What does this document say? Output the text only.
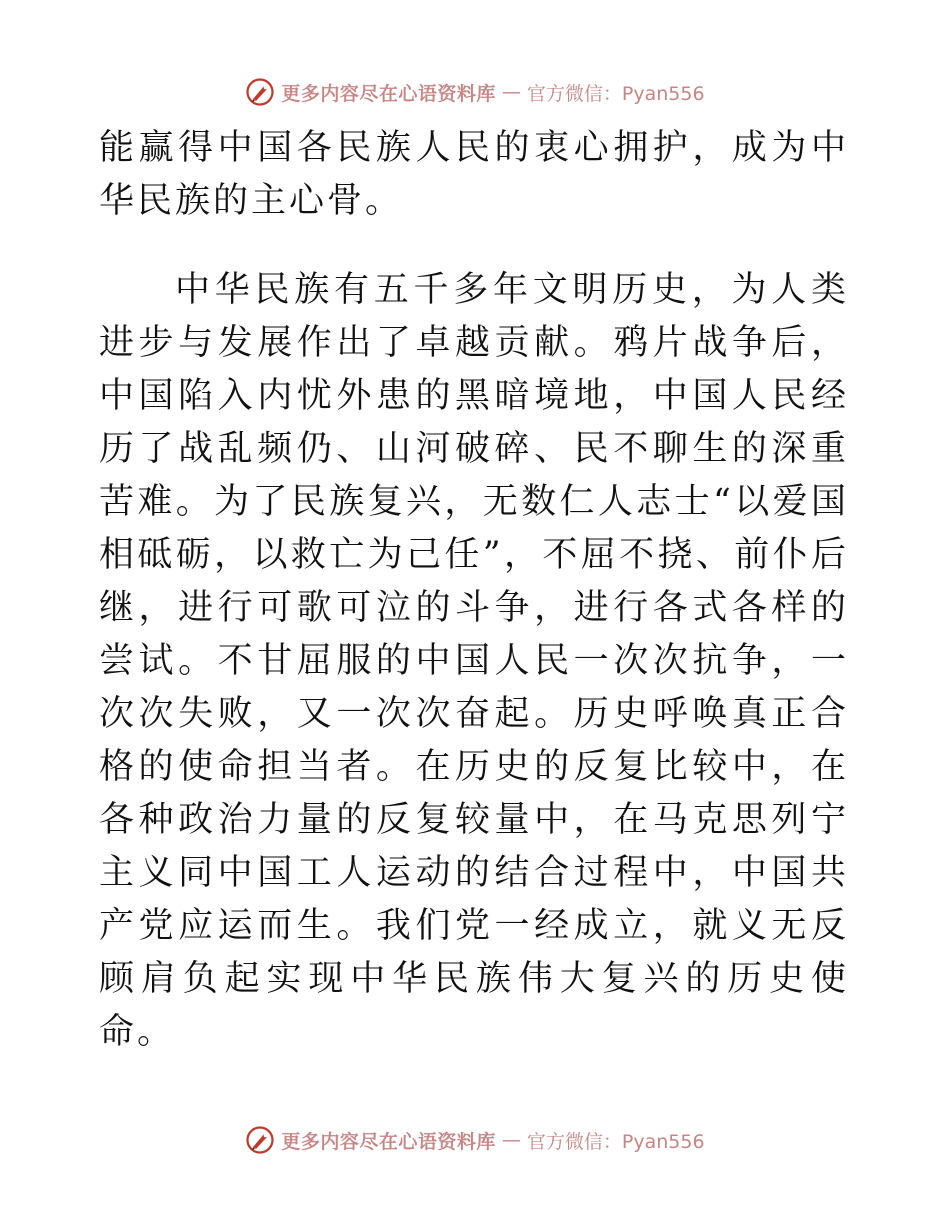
更多内容尽在心语资料库 — 官方微信：Pyan556

能赢得中国各民族人民的衷心拥护，成为中华民族的主心骨。

中华民族有五千多年文明历史，为人类进步与发展作出了卓越贡献。鸦片战争后，中国陷入内忧外患的黑暗境地，中国人民经历了战乱频仍、山河破碎、民不聊生的深重苦难。为了民族复兴，无数仁人志士“以爱国相砥砺，以救亡为己任”，不屈不挠、前仆后继，进行可歌可泣的斗争，进行各式各样的尝试。不甘屈服的中国人民一次次抗争，一次次失败，又一次次奋起。历史呼唤真正合格的使命担当者。在历史的反复比较中，在各种政治力量的反复较量中，在马克思列宁主义同中国工人运动的结合过程中，中国共产党应运而生。我们党一经成立，就义无反顾肩负起实现中华民族伟大复兴的历史使命。

更多内容尽在心语资料库 — 官方微信：Pyan556
